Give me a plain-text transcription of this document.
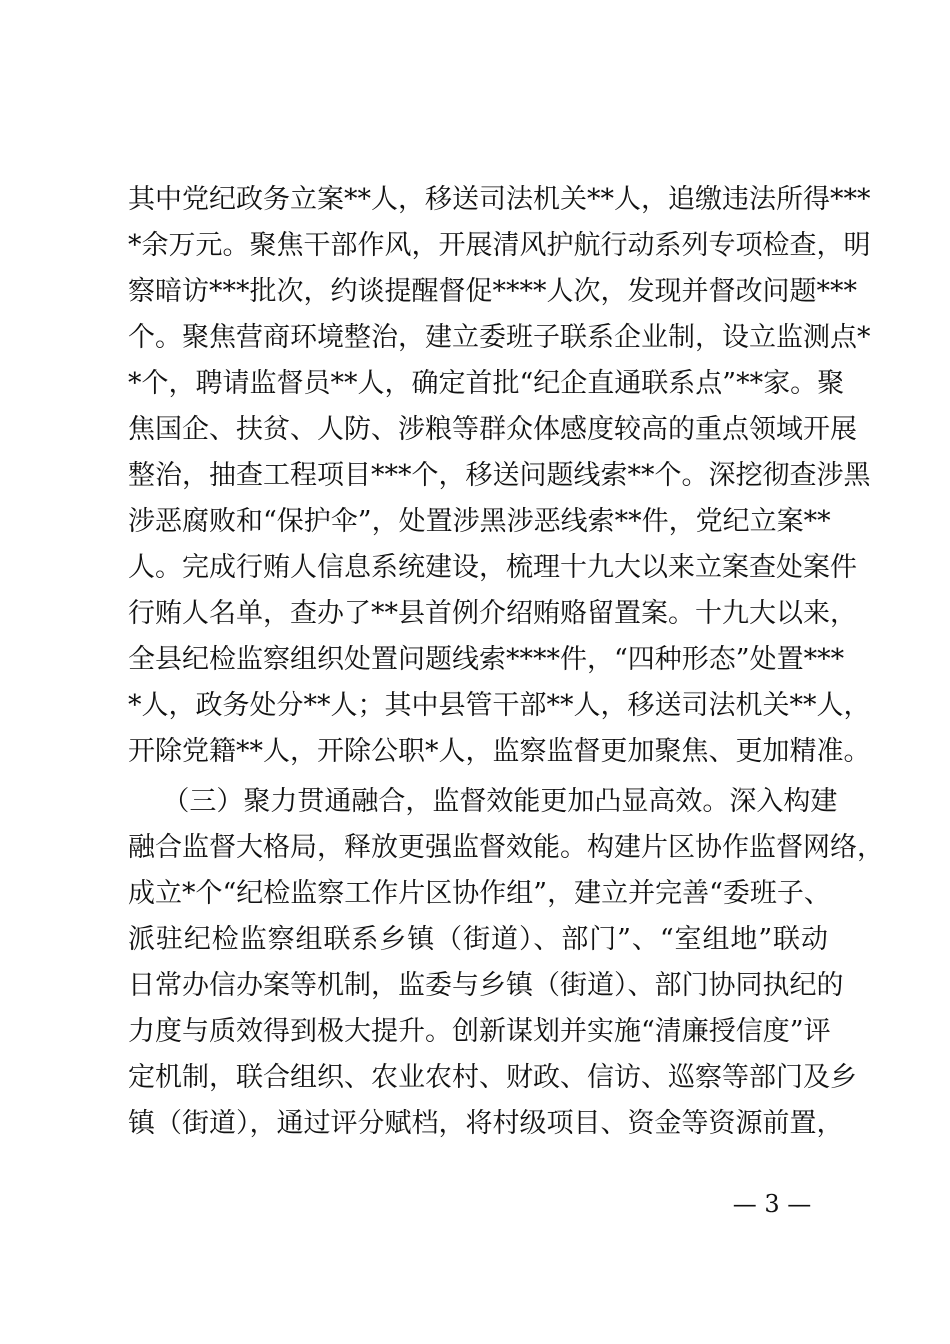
其中党纪政务立案**人，移送司法机关**人，追缴违法所得***
*余万元。聚焦干部作风，开展清风护航行动系列专项检查，明
察暗访***批次，约谈提醒督促****人次，发现并督改问题***
个。聚焦营商环境整治，建立委班子联系企业制，设立监测点*
*个，聘请监督员**人，确定首批“纪企直通联系点”**家。聚
焦国企、扶贫、人防、涉粮等群众体感度较高的重点领域开展
整治，抽查工程项目***个，移送问题线索**个。深挖彻查涉黑
涉恶腐败和“保护伞”，处置涉黑涉恶线索**件，党纪立案**
人。完成行贿人信息系统建设，梳理十九大以来立案查处案件
行贿人名单，查办了**县首例介绍贿赂留置案。十九大以来，
全县纪检监察组织处置问题线索****件，“四种形态”处置***
*人，政务处分**人；其中县管干部**人，移送司法机关**人，
开除党籍**人，开除公职*人，监察监督更加聚焦、更加精准。
（三）聚力贯通融合，监督效能更加凸显高效。深入构建
融合监督大格局，释放更强监督效能。构建片区协作监督网络，
成立*个“纪检监察工作片区协作组”，建立并完善“委班子、
派驻纪检监察组联系乡镇（街道）、部门”、“室组地”联动
日常办信办案等机制，监委与乡镇（街道）、部门协同执纪的
力度与质效得到极大提升。创新谋划并实施“清廉授信度”评
定机制，联合组织、农业农村、财政、信访、巡察等部门及乡
镇（街道），通过评分赋档，将村级项目、资金等资源前置，
— 3 —
